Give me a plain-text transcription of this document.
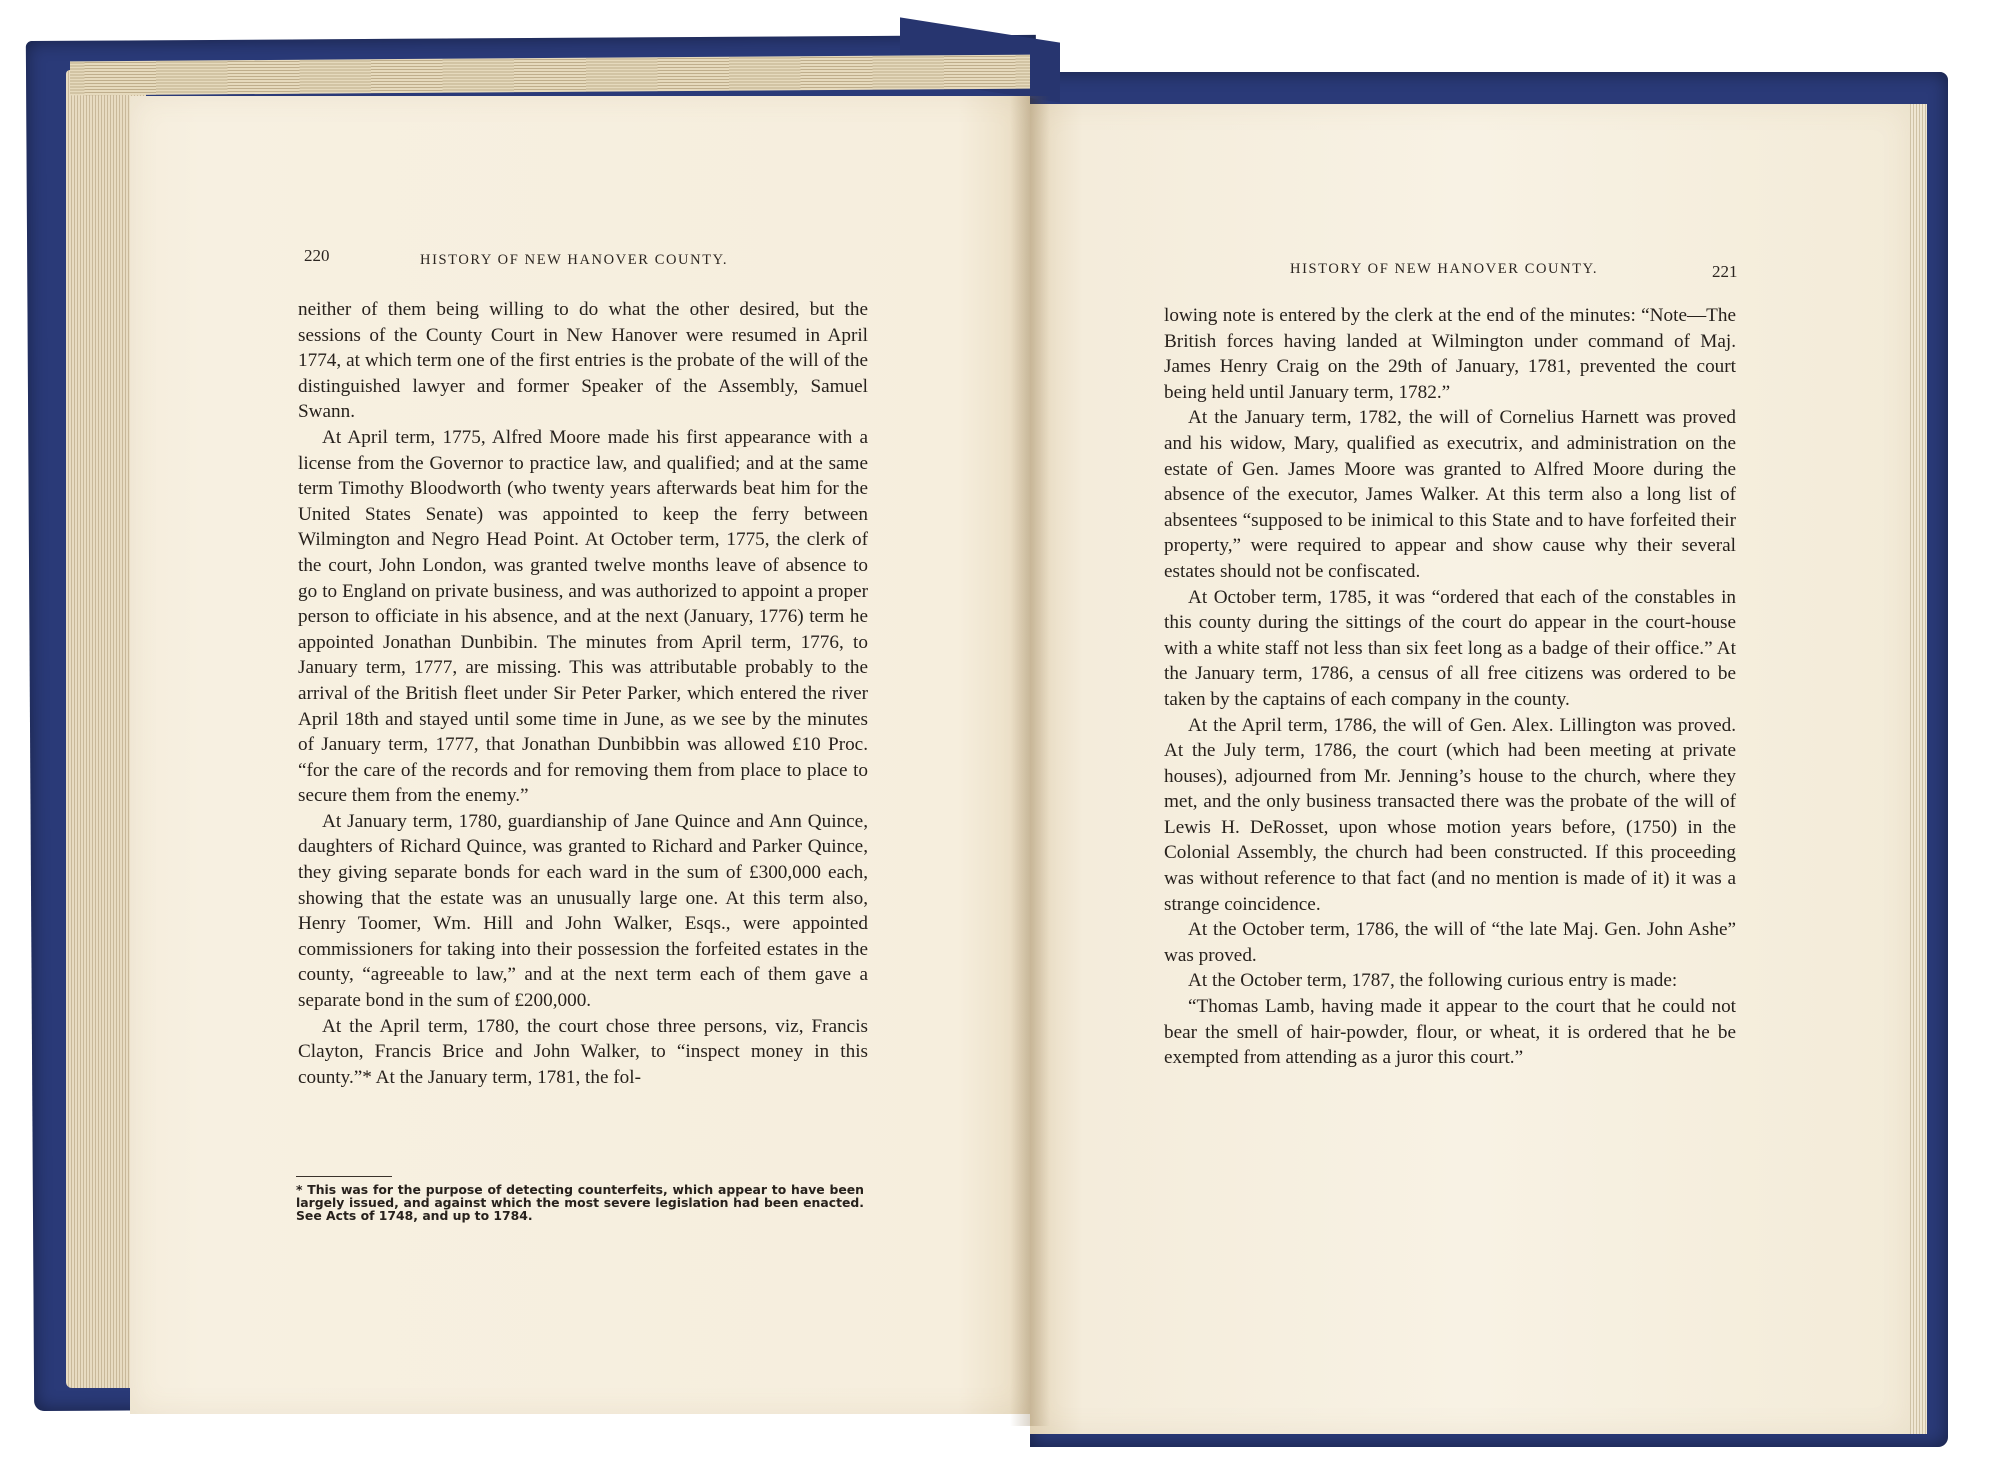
220	HISTORY OF NEW HANOVER COUNTY.

neither of them being willing to do what the other desired, but the sessions of the County Court in New Hanover were resumed in April 1774, at which term one of the first entries is the probate of the will of the distinguished lawyer and former Speaker of the Assembly, Samuel Swann.

At April term, 1775, Alfred Moore made his first appearance with a license from the Governor to practice law, and qualified; and at the same term Timothy Bloodworth (who twenty years afterwards beat him for the United States Senate) was appointed to keep the ferry between Wilmington and Negro Head Point. At October term, 1775, the clerk of the court, John London, was granted twelve months leave of absence to go to England on private business, and was authorized to appoint a proper person to officiate in his absence, and at the next (January, 1776) term he appointed Jonathan Dunbibin. The minutes from April term, 1776, to January term, 1777, are missing. This was attributable probably to the arrival of the British fleet under Sir Peter Parker, which entered the river April 18th and stayed until some time in June, as we see by the minutes of January term, 1777, that Jonathan Dunbibbin was allowed £10 Proc. “for the care of the records and for removing them from place to place to secure them from the enemy.”

At January term, 1780, guardianship of Jane Quince and Ann Quince, daughters of Richard Quince, was granted to Richard and Parker Quince, they giving separate bonds for each ward in the sum of £300,000 each, showing that the estate was an unusually large one. At this term also, Henry Toomer, Wm. Hill and John Walker, Esqs., were appointed commissioners for taking into their possession the forfeited estates in the county, “agreeable to law,” and at the next term each of them gave a separate bond in the sum of £200,000.

At the April term, 1780, the court chose three persons, viz, Francis Clayton, Francis Brice and John Walker, to “inspect money in this county.”* At the January term, 1781, the fol-

* This was for the purpose of detecting counterfeits, which appear to have been largely issued, and against which the most severe legislation had been enacted. See Acts of 1748, and up to 1784.
HISTORY OF NEW HANOVER COUNTY.	221

lowing note is entered by the clerk at the end of the minutes: “Note—The British forces having landed at Wilmington under command of Maj. James Henry Craig on the 29th of January, 1781, prevented the court being held until January term, 1782.”

At the January term, 1782, the will of Cornelius Harnett was proved and his widow, Mary, qualified as executrix, and administration on the estate of Gen. James Moore was granted to Alfred Moore during the absence of the executor, James Walker. At this term also a long list of absentees “supposed to be inimical to this State and to have forfeited their property,” were required to appear and show cause why their several estates should not be confiscated.

At October term, 1785, it was “ordered that each of the constables in this county during the sittings of the court do appear in the court-house with a white staff not less than six feet long as a badge of their office.” At the January term, 1786, a census of all free citizens was ordered to be taken by the captains of each company in the county.

At the April term, 1786, the will of Gen. Alex. Lillington was proved. At the July term, 1786, the court (which had been meeting at private houses), adjourned from Mr. Jenning’s house to the church, where they met, and the only business transacted there was the probate of the will of Lewis H. DeRosset, upon whose motion years before, (1750) in the Colonial Assembly, the church had been constructed. If this proceeding was without reference to that fact (and no mention is made of it) it was a strange coincidence.

At the October term, 1786, the will of “the late Maj. Gen. John Ashe” was proved.

At the October term, 1787, the following curious entry is made:

“Thomas Lamb, having made it appear to the court that he could not bear the smell of hair-powder, flour, or wheat, it is ordered that he be exempted from attending as a juror this court.”
